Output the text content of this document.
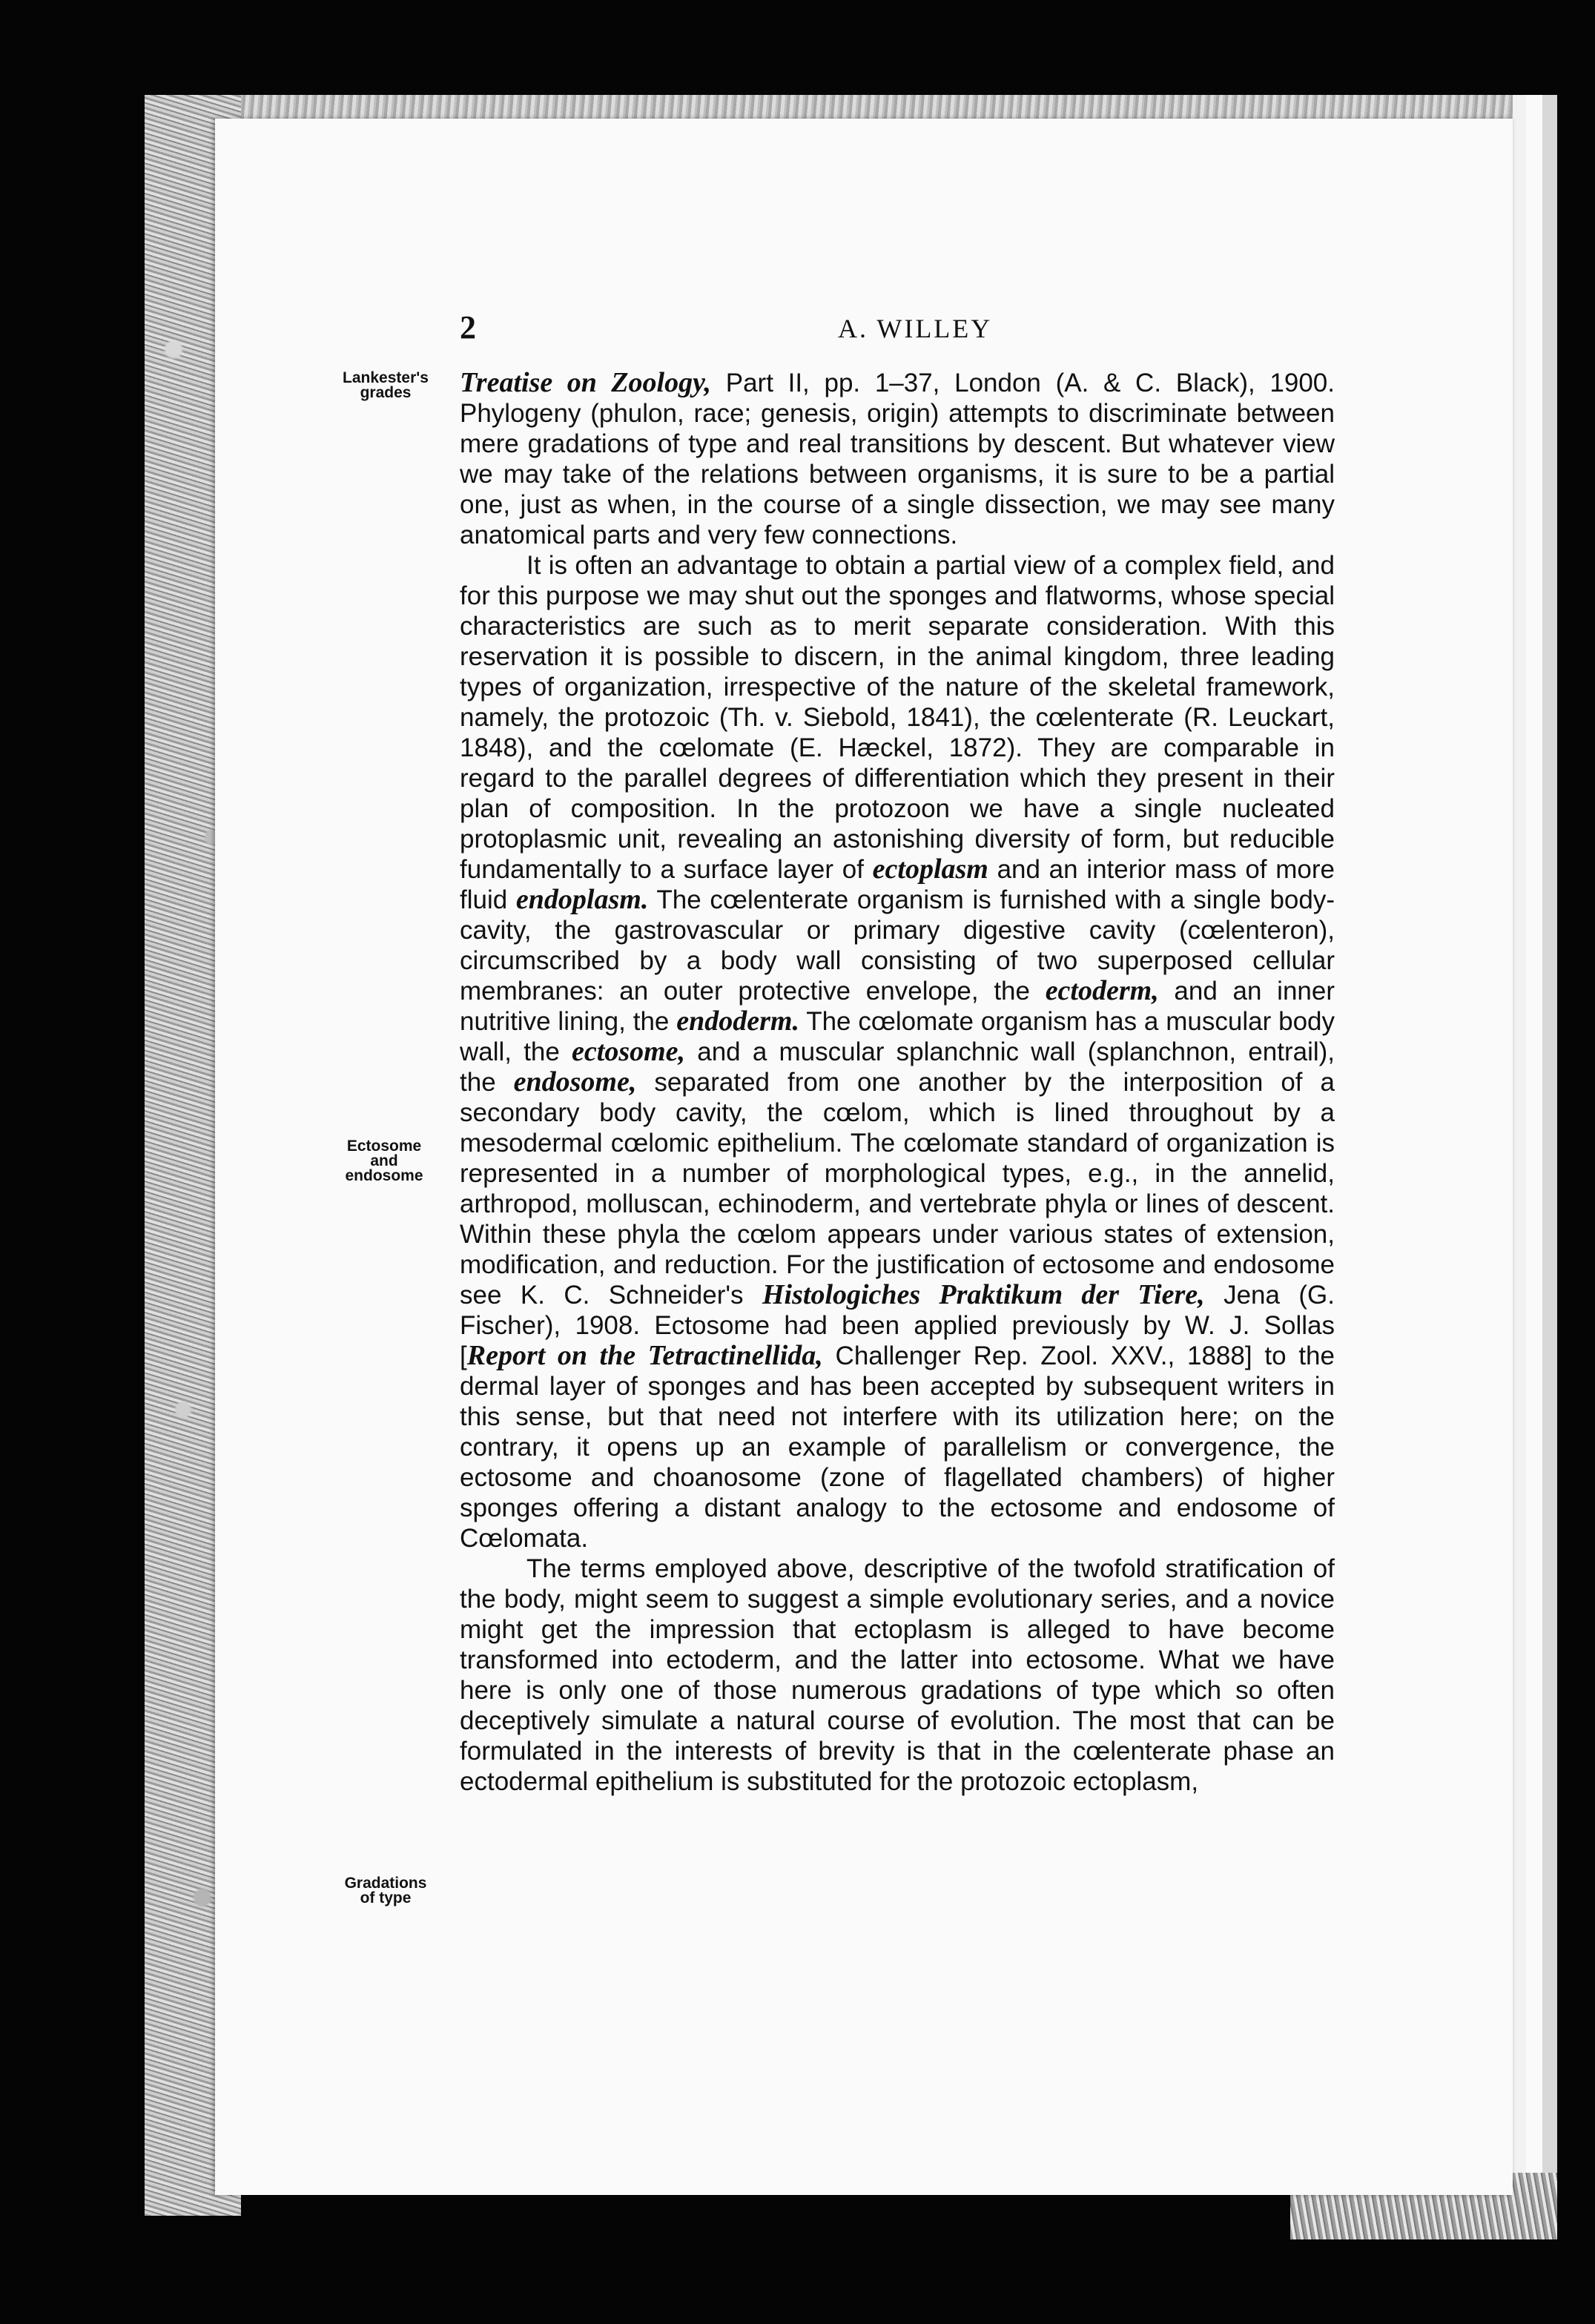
2	A. WILLEY
Lankester's
grades
Ectosome
and
endosome
Gradations
of type

Treatise on Zoology, Part II, pp. 1–37, London (A. & C. Black), 1900. Phylogeny (phulon, race; genesis, origin) attempts to discriminate between mere gradations of type and real transitions by descent. But whatever view we may take of the relations between organisms, it is sure to be a partial one, just as when, in the course of a single dissection, we may see many anatomical parts and very few connections.

It is often an advantage to obtain a partial view of a complex field, and for this purpose we may shut out the sponges and flatworms, whose special characteristics are such as to merit separate consideration. With this reservation it is possible to discern, in the animal kingdom, three leading types of organization, irrespective of the nature of the skeletal framework, namely, the protozoic (Th. v. Siebold, 1841), the cœlenterate (R. Leuckart, 1848), and the cœlomate (E. Hæckel, 1872). They are comparable in regard to the parallel degrees of differentiation which they present in their plan of composition. In the protozoon we have a single nucleated protoplasmic unit, revealing an astonishing diversity of form, but reducible fundamentally to a surface layer of ectoplasm and an interior mass of more fluid endoplasm. The cœlenterate organism is furnished with a single body-cavity, the gastrovascular or primary digestive cavity (cœlenteron), circumscribed by a body wall consisting of two superposed cellular membranes: an outer protective envelope, the ectoderm, and an inner nutritive lining, the endoderm. The cœlomate organism has a muscular body wall, the ectosome, and a muscular splanchnic wall (splanchnon, entrail), the endosome, separated from one another by the interposition of a secondary body cavity, the cœlom, which is lined throughout by a mesodermal cœlomic epithelium. The cœlomate standard of organization is represented in a number of morphological types, e.g., in the annelid, arthropod, molluscan, echinoderm, and vertebrate phyla or lines of descent. Within these phyla the cœlom appears under various states of extension, modification, and reduction. For the justification of ectosome and endosome see K. C. Schneider's Histologiches Praktikum der Tiere, Jena (G. Fischer), 1908. Ectosome had been applied previously by W. J. Sollas [Report on the Tetractinellida, Challenger Rep. Zool. XXV., 1888] to the dermal layer of sponges and has been accepted by subsequent writers in this sense, but that need not interfere with its utilization here; on the contrary, it opens up an example of parallelism or convergence, the ectosome and choanosome (zone of flagellated chambers) of higher sponges offering a distant analogy to the ectosome and endosome of Cœlomata.

The terms employed above, descriptive of the twofold stratification of the body, might seem to suggest a simple evolutionary series, and a novice might get the impression that ectoplasm is alleged to have become transformed into ectoderm, and the latter into ectosome. What we have here is only one of those numerous gradations of type which so often deceptively simulate a natural course of evolution. The most that can be formulated in the interests of brevity is that in the cœlenterate phase an ectodermal epithelium is substituted for the protozoic ectoplasm,
